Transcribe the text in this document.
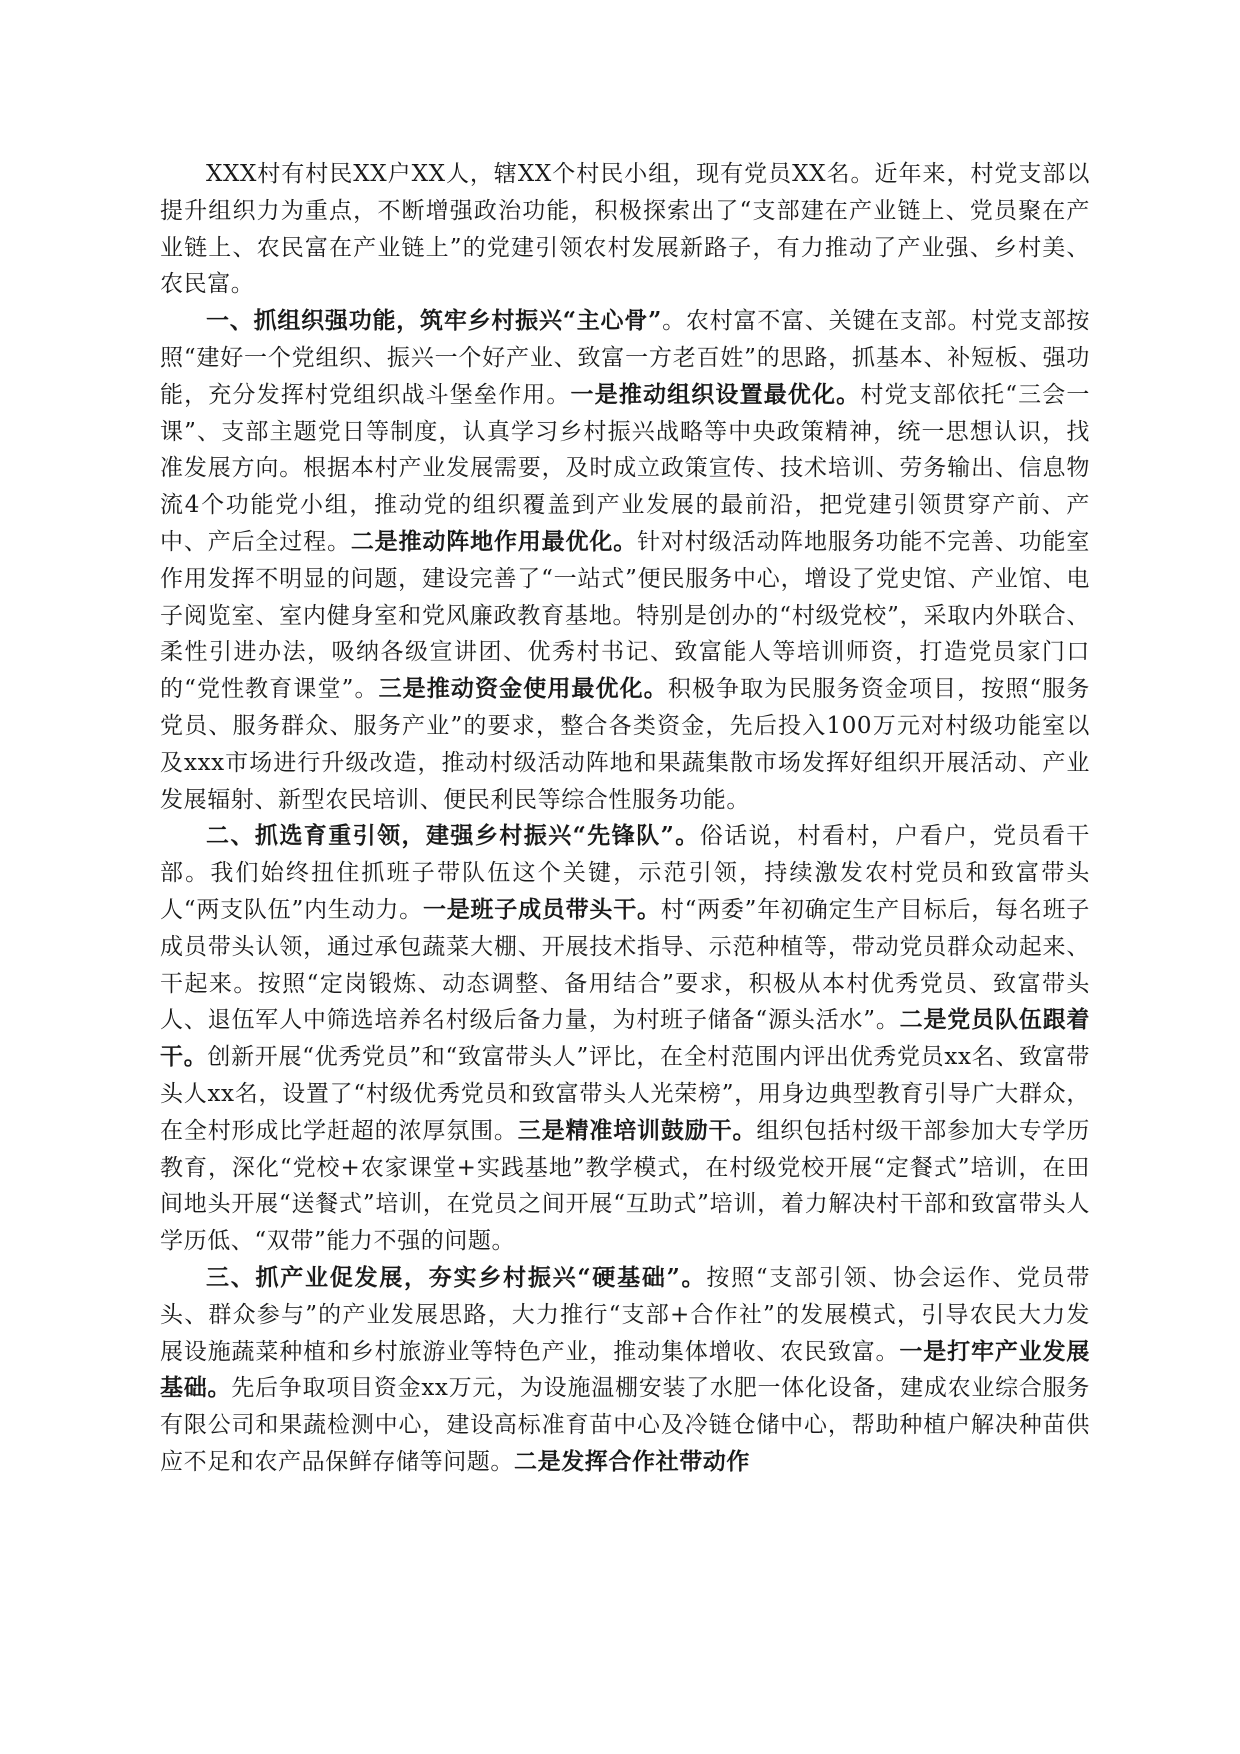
XXX村有村民XX户XX人，辖XX个村民小组，现有党员XX名。近年来，村党支部以提升组织力为重点，不断增强政治功能，积极探索出了“支部建在产业链上、党员聚在产业链上、农民富在产业链上”的党建引领农村发展新路子，有力推动了产业强、乡村美、农民富。

一、抓组织强功能，筑牢乡村振兴“主心骨”。农村富不富、关键在支部。村党支部按照“建好一个党组织、振兴一个好产业、致富一方老百姓”的思路，抓基本、补短板、强功能，充分发挥村党组织战斗堡垒作用。一是推动组织设置最优化。村党支部依托“三会一课”、支部主题党日等制度，认真学习乡村振兴战略等中央政策精神，统一思想认识，找准发展方向。根据本村产业发展需要，及时成立政策宣传、技术培训、劳务输出、信息物流4个功能党小组，推动党的组织覆盖到产业发展的最前沿，把党建引领贯穿产前、产中、产后全过程。二是推动阵地作用最优化。针对村级活动阵地服务功能不完善、功能室作用发挥不明显的问题，建设完善了“一站式”便民服务中心，增设了党史馆、产业馆、电子阅览室、室内健身室和党风廉政教育基地。特别是创办的“村级党校”，采取内外联合、柔性引进办法，吸纳各级宣讲团、优秀村书记、致富能人等培训师资，打造党员家门口的“党性教育课堂”。三是推动资金使用最优化。积极争取为民服务资金项目，按照“服务党员、服务群众、服务产业”的要求，整合各类资金，先后投入100万元对村级功能室以及xxx市场进行升级改造，推动村级活动阵地和果蔬集散市场发挥好组织开展活动、产业发展辐射、新型农民培训、便民利民等综合性服务功能。

二、抓选育重引领，建强乡村振兴“先锋队”。俗话说，村看村，户看户，党员看干部。我们始终扭住抓班子带队伍这个关键，示范引领，持续激发农村党员和致富带头人“两支队伍”内生动力。一是班子成员带头干。村“两委”年初确定生产目标后，每名班子成员带头认领，通过承包蔬菜大棚、开展技术指导、示范种植等，带动党员群众动起来、干起来。按照“定岗锻炼、动态调整、备用结合”要求，积极从本村优秀党员、致富带头人、退伍军人中筛选培养名村级后备力量，为村班子储备“源头活水”。二是党员队伍跟着干。创新开展“优秀党员”和“致富带头人”评比，在全村范围内评出优秀党员xx名、致富带头人xx名，设置了“村级优秀党员和致富带头人光荣榜”，用身边典型教育引导广大群众，在全村形成比学赶超的浓厚氛围。三是精准培训鼓励干。组织包括村级干部参加大专学历教育，深化“党校+农家课堂+实践基地”教学模式，在村级党校开展“定餐式”培训，在田间地头开展“送餐式”培训，在党员之间开展“互助式”培训，着力解决村干部和致富带头人学历低、“双带”能力不强的问题。

三、抓产业促发展，夯实乡村振兴“硬基础”。按照“支部引领、协会运作、党员带头、群众参与”的产业发展思路，大力推行“支部+合作社”的发展模式，引导农民大力发展设施蔬菜种植和乡村旅游业等特色产业，推动集体增收、农民致富。一是打牢产业发展基础。先后争取项目资金xx万元，为设施温棚安装了水肥一体化设备，建成农业综合服务有限公司和果蔬检测中心，建设高标准育苗中心及冷链仓储中心，帮助种植户解决种苗供应不足和农产品保鲜存储等问题。二是发挥合作社带动作
